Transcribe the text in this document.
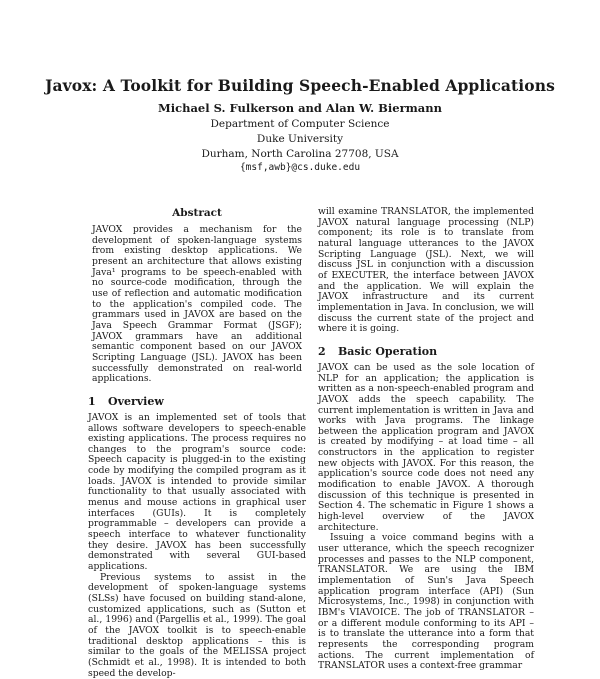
Javox: A Toolkit for Building Speech-Enabled Applications
Michael S. Fulkerson and Alan W. Biermann
Department of Computer Science
Duke University
Durham, North Carolina 27708, USA
{msf,awb}@cs.duke.edu
Abstract

JAVOX provides a mechanism for the development of spoken-language systems from existing desktop applications. We present an architecture that allows existing Java¹ programs to be speech-enabled with no source-code modification, through the use of reflection and automatic modification to the application's compiled code. The grammars used in JAVOX are based on the Java Speech Grammar Format (JSGF); JAVOX grammars have an additional semantic component based on our JAVOX Scripting Language (JSL). JAVOX has been successfully demonstrated on real-world applications.

1 Overview

JAVOX is an implemented set of tools that allows software developers to speech-enable existing applications. The process requires no changes to the program's source code: Speech capacity is plugged-in to the existing code by modifying the compiled program as it loads. JAVOX is intended to provide similar functionality to that usually associated with menus and mouse actions in graphical user interfaces (GUIs). It is completely programmable – developers can provide a speech interface to whatever functionality they desire. JAVOX has been successfully demonstrated with several GUI-based applications.

Previous systems to assist in the development of spoken-language systems (SLSs) have focused on building stand-alone, customized applications, such as (Sutton et al., 1996) and (Pargellis et al., 1999). The goal of the JAVOX toolkit is to speech-enable traditional desktop applications – this is similar to the goals of the MELISSA project (Schmidt et al., 1998). It is intended to both speed the develop-

will examine TRANSLATOR, the implemented JAVOX natural language processing (NLP) component; its role is to translate from natural language utterances to the JAVOX Scripting Language (JSL). Next, we will discuss JSL in conjunction with a discussion of EXECUTER, the interface between JAVOX and the application. We will explain the JAVOX infrastructure and its current implementation in Java. In conclusion, we will discuss the current state of the project and where it is going.

2 Basic Operation

JAVOX can be used as the sole location of NLP for an application; the application is written as a non-speech-enabled program and JAVOX adds the speech capability. The current implementation is written in Java and works with Java programs. The linkage between the application program and JAVOX is created by modifying – at load time – all constructors in the application to register new objects with JAVOX. For this reason, the application's source code does not need any modification to enable JAVOX. A thorough discussion of this technique is presented in Section 4. The schematic in Figure 1 shows a high-level overview of the JAVOX architecture.

Issuing a voice command begins with a user utterance, which the speech recognizer processes and passes to the NLP component, TRANSLATOR. We are using the IBM implementation of Sun's Java Speech application program interface (API) (Sun Microsystems, Inc., 1998) in conjunction with IBM's VIAVOICE. The job of TRANSLATOR – or a different module conforming to its API – is to translate the utterance into a form that represents the corresponding program actions. The current implementation of TRANSLATOR uses a context-free grammar
